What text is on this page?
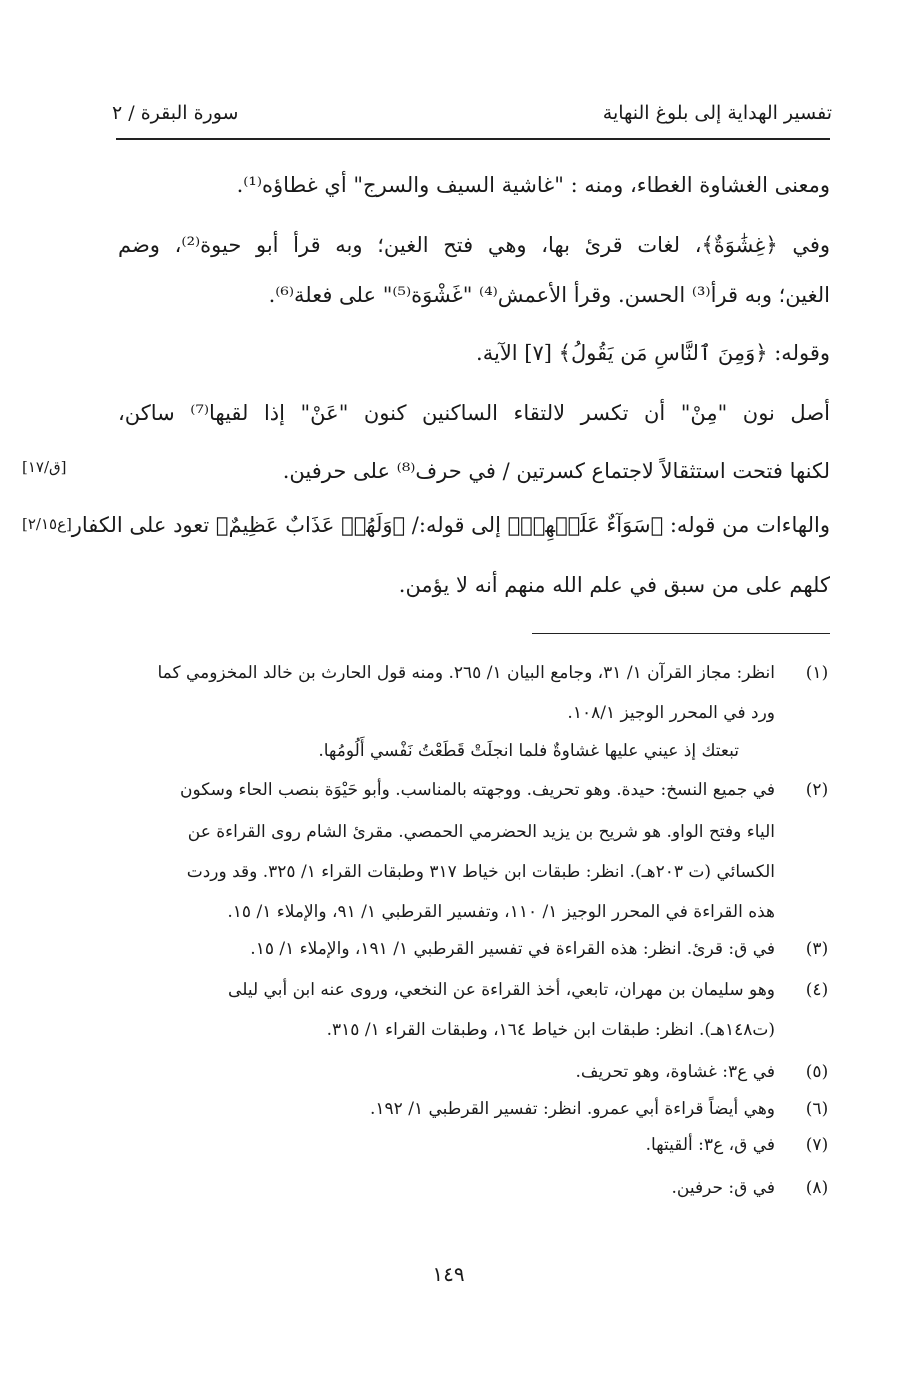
تفسير الهداية إلى بلوغ النهاية
سورة البقرة / ٢
ومعنى الغشاوة الغطاء، ومنه : "غاشية السيف والسرج" أي غطاؤه⁽¹⁾.
وفي ﴿غِشَٰوَةٌ﴾، لغات قرئ بها، وهي فتح الغين؛ وبه قرأ أبو حيوة⁽²⁾، وضم
الغين؛ وبه قرأ⁽³⁾ الحسن. وقرأ الأعمش⁽⁴⁾ "غَشْوَة⁽⁵⁾" على فعلة⁽⁶⁾.
وقوله: ﴿وَمِنَ ٱلنَّاسِ مَن يَقُولُ﴾ [٧] الآية.
أصل نون "مِنْ" أن تكسر لالتقاء الساكنين كنون "عَنْ" إذا لقيها⁽⁷⁾ ساكن،
لكنها فتحت استثقالاً لاجتماع كسرتين / في حرف⁽⁸⁾ على حرفين.
والهاءات من قوله: ﴿سَوَآءٌ عَلَيۡهِمۡ﴾ إلى قوله:/ ﴿وَلَهُمۡ عَذَابٌ عَظِيمٌ﴾ تعود على الكفار
كلهم على من سبق في علم الله منهم أنه لا يؤمن.
[ق/١٧]
[ع٢/١٥]
(١)
انظر: مجاز القرآن ١/ ٣١، وجامع البيان ١/ ٢٦٥. ومنه قول الحارث بن خالد المخزومي كما
ورد في المحرر الوجيز ١٠٨/١.
تبعتك إذ عيني عليها غشاوةٌ فلما انجلَتْ قَطَعْتُ نَفْسي أَلُومُها.
(٢)
في جميع النسخ: حيدة. وهو تحريف. ووجهته بالمناسب. وأبو حَيْوَة بنصب الحاء وسكون
الياء وفتح الواو. هو شريح بن يزيد الحضرمي الحمصي. مقرئ الشام روى القراءة عن
الكسائي (ت ٢٠٣هـ). انظر: طبقات ابن خياط ٣١٧ وطبقات القراء ١/ ٣٢٥. وقد وردت
هذه القراءة في المحرر الوجيز ١/ ١١٠، وتفسير القرطبي ١/ ٩١، والإملاء ١/ ١٥.
(٣)
في ق: قرئ. انظر: هذه القراءة في تفسير القرطبي ١/ ١٩١، والإملاء ١/ ١٥.
(٤)
وهو سليمان بن مهران، تابعي، أخذ القراءة عن النخعي، وروى عنه ابن أبي ليلى
(ت١٤٨هـ). انظر: طبقات ابن خياط ١٦٤، وطبقات القراء ١/ ٣١٥.
(٥)
في ع٣: غشاوة، وهو تحريف.
(٦)
وهي أيضاً قراءة أبي عمرو. انظر: تفسير القرطبي ١/ ١٩٢.
(٧)
في ق، ع٣: ألقيتها.
(٨)
في ق: حرفين.
١٤٩
